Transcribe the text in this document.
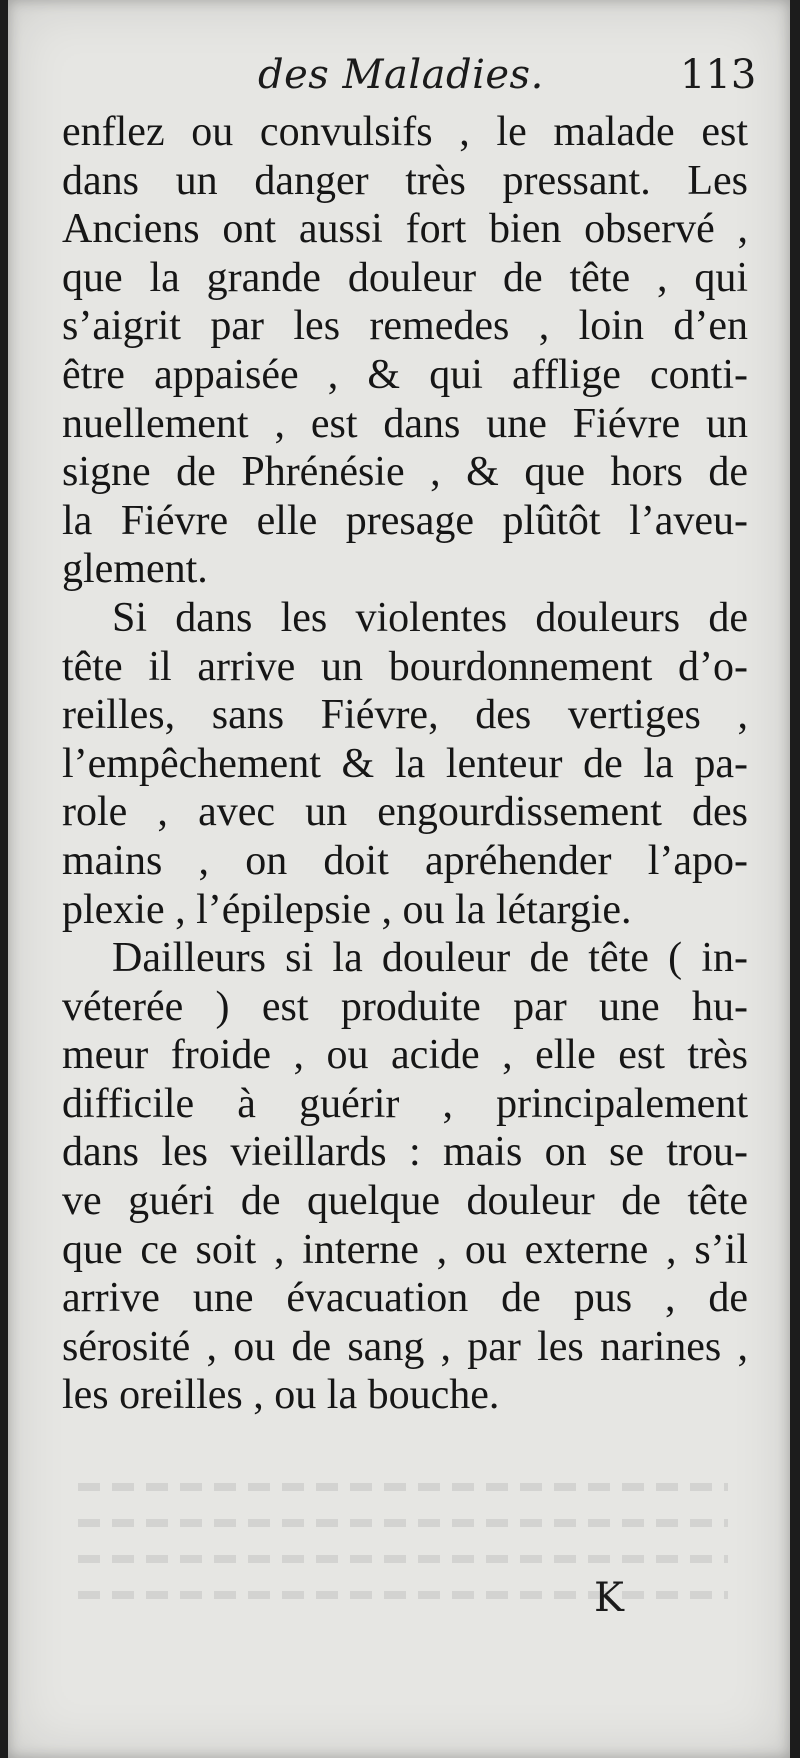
des Maladies.	113
enflez ou convulsifs , le malade est
dans un danger très pressant. Les
Anciens ont aussi fort bien observé ,
que la grande douleur de tête , qui
s’aigrit par les remedes , loin d’en
être appaisée , & qui afflige conti-
nuellement , est dans une Fiévre un
signe de Phrénésie , & que hors de
la Fiévre elle presage plûtôt l’aveu-
glement.
Si dans les violentes douleurs de
tête il arrive un bourdonnement d’o-
reilles, sans Fiévre, des vertiges ,
l’empêchement & la lenteur de la pa-
role , avec un engourdissement des
mains , on doit apréhender l’apo-
plexie , l’épilepsie , ou la létargie.
Dailleurs si la douleur de tête ( in-
véterée ) est produite par une hu-
meur froide , ou acide , elle est très
difficile à guérir , principalement
dans les vieillards : mais on se trou-
ve guéri de quelque douleur de tête
que ce soit , interne , ou externe , s’il
arrive une évacuation de pus , de
sérosité , ou de sang , par les narines ,
les oreilles , ou la bouche.
K
